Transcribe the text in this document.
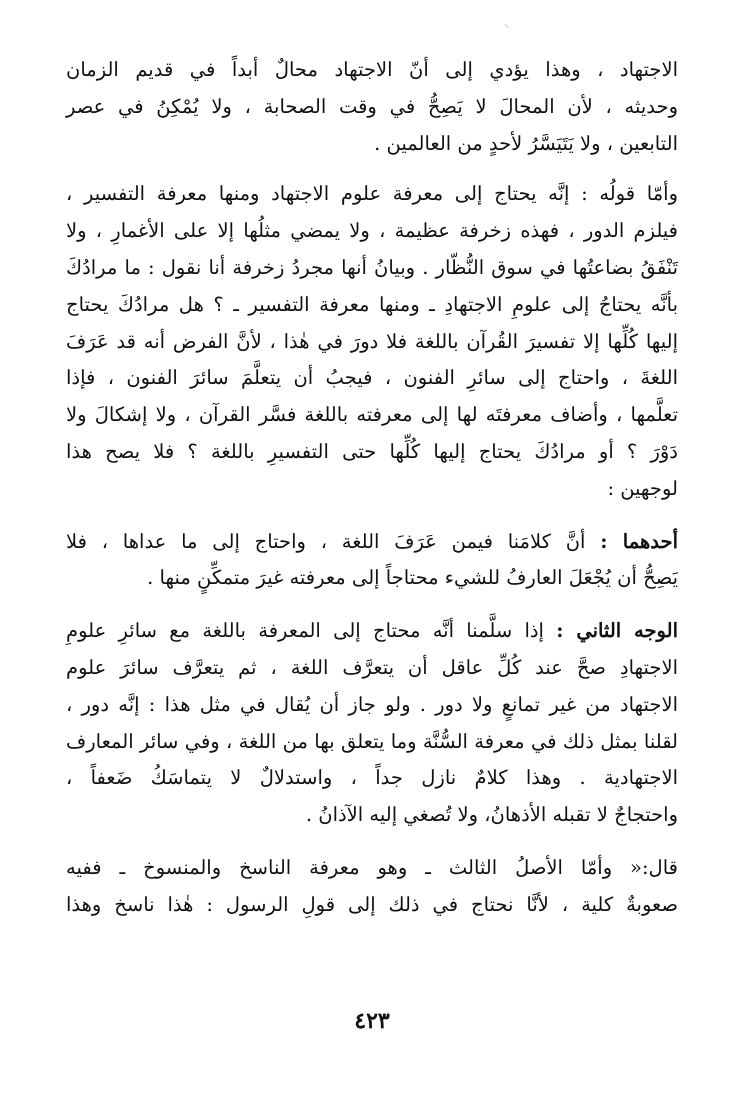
الاجتهاد ، وهذا يؤدي إلى أنّ الاجتهاد محالٌ أبداً في قديم الزمان
وحديثه ، لأن المحالَ لا يَصِحُّ في وقت الصحابة ، ولا يُمْكِنُ في عصر
التابعين ، ولا يَتَيَسَّرُ لأحدٍ من العالمين .

وأمّا قولُه : إنَّه يحتاج إلى معرفة علوم الاجتهاد ومنها معرفة التفسير ،
فيلزم الدور ، فهذه زخرفة عظيمة ، ولا يمضي مثلُها إلا على الأغمارِ ، ولا
تَنْفَقُ بضاعتُها في سوق النُّظّار . وبيانُ أنها مجردُ زخرفة أنا نقول : ما مرادُكَ
بأنَّه يحتاجُ إلى علومِ الاجتهادِ ـ ومنها معرفة التفسير ـ ؟ هل مرادُكَ يحتاج
إليها كُلِّها إلا تفسيرَ القُرآن باللغة فلا دورَ في هٰذا ، لأنَّ الفرض أنه قد عَرَفَ
اللغةَ ، واحتاج إلى سائرِ الفنون ، فيجبُ أن يتعلَّمَ سائرَ الفنون ، فإذا
تعلَّمها ، وأضاف معرفتَه لها إلى معرفته باللغة فسَّر القرآن ، ولا إشكالَ ولا
دَوْرَ ؟ أو مرادُكَ يحتاج إليها كُلِّها حتى التفسيرِ باللغة ؟ فلا يصح هذا
لوجهين :

أحدهما : أنَّ كلامَنا فيمن عَرَفَ اللغة ، واحتاج إلى ما عداها ، فلا
يَصِحُّ أن يُجْعَلَ العارفُ للشيء محتاجاً إلى معرفته غيرَ متمكِّنٍ منها .

الوجه الثاني : إذا سلَّمنا أنَّه محتاج إلى المعرفة باللغة مع سائرِ علومِ
الاجتهادِ صحَّ عند كُلِّ عاقل أن يتعرَّف اللغة ، ثم يتعرَّف سائرَ علوم
الاجتهاد من غير تمانعٍ ولا دور . ولو جاز أن يُقال في مثل هذا : إنَّه دور ،
لقلنا بمثل ذلك في معرفة السُّنَّة وما يتعلق بها من اللغة ، وفي سائر المعارف
الاجتهادية . وهذا كلامٌ نازل جداً ، واستدلالٌ لا يتماسَكُ ضَعفاً ،
واحتجاجٌ لا تقبله الأذهانُ، ولا تُصغي إليه الآذانُ .

قال:« وأمّا الأصلُ الثالث ـ وهو معرفة الناسخ والمنسوخ ـ ففيه
صعوبةٌ كلية ، لأنَّا نحتاج في ذلك إلى قولِ الرسول : هٰذا ناسخ وهذا

٤٢٣
⸜
